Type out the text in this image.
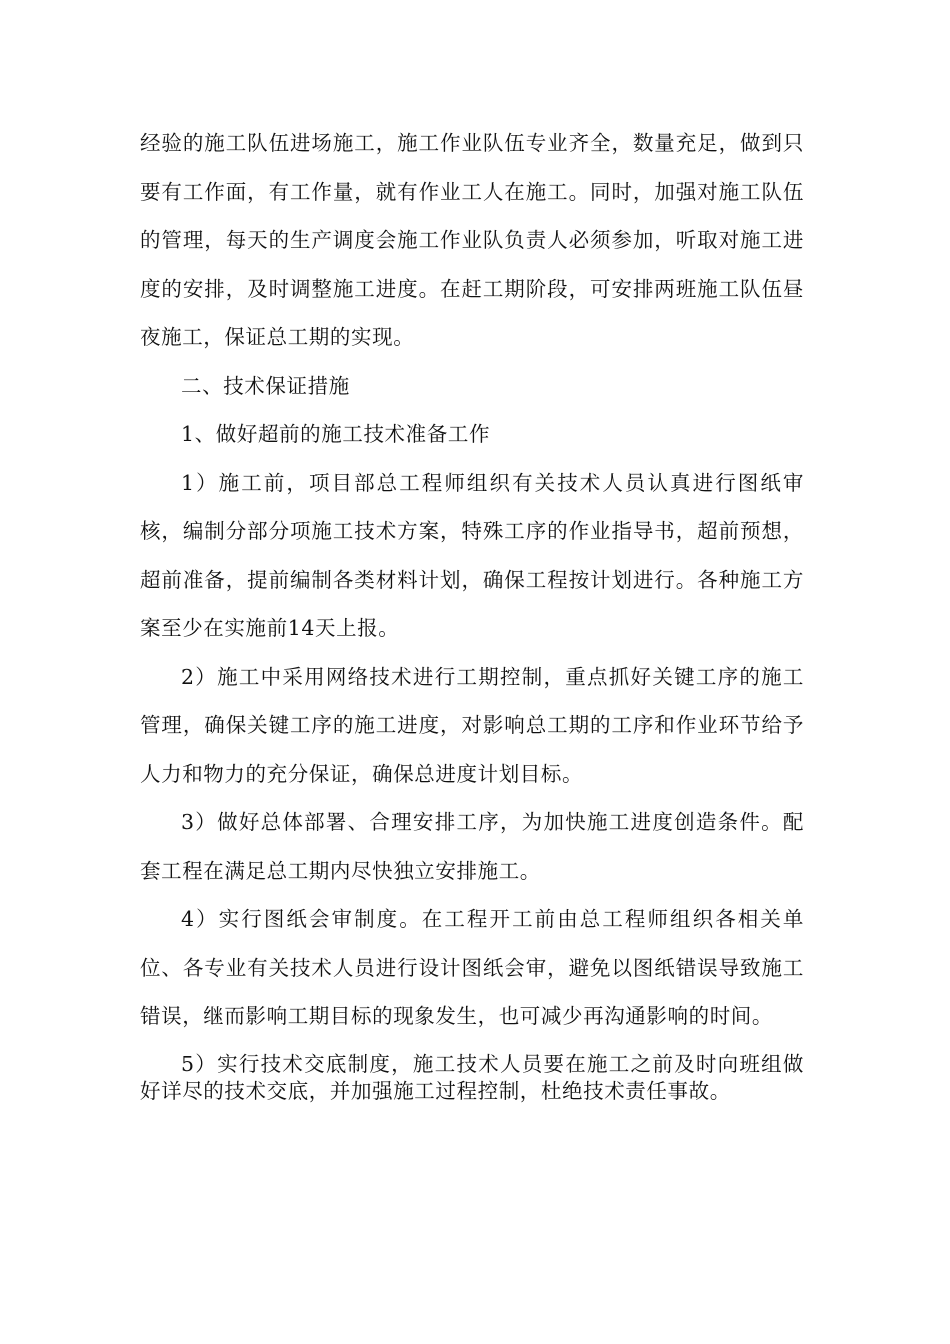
经验的施工队伍进场施工，施工作业队伍专业齐全，数量充足，做到只要有工作面，有工作量，就有作业工人在施工。同时，加强对施工队伍的管理，每天的生产调度会施工作业队负责人必须参加，听取对施工进度的安排，及时调整施工进度。在赶工期阶段，可安排两班施工队伍昼夜施工，保证总工期的实现。

二、技术保证措施

1、做好超前的施工技术准备工作

1）施工前，项目部总工程师组织有关技术人员认真进行图纸审核，编制分部分项施工技术方案，特殊工序的作业指导书，超前预想，超前准备，提前编制各类材料计划，确保工程按计划进行。各种施工方案至少在实施前14天上报。

2）施工中采用网络技术进行工期控制，重点抓好关键工序的施工管理，确保关键工序的施工进度，对影响总工期的工序和作业环节给予人力和物力的充分保证，确保总进度计划目标。

3）做好总体部署、合理安排工序，为加快施工进度创造条件。配套工程在满足总工期内尽快独立安排施工。

4）实行图纸会审制度。在工程开工前由总工程师组织各相关单位、各专业有关技术人员进行设计图纸会审，避免以图纸错误导致施工错误，继而影响工期目标的现象发生，也可减少再沟通影响的时间。

5）实行技术交底制度，施工技术人员要在施工之前及时向班组做好详尽的技术交底，并加强施工过程控制，杜绝技术责任事故。
